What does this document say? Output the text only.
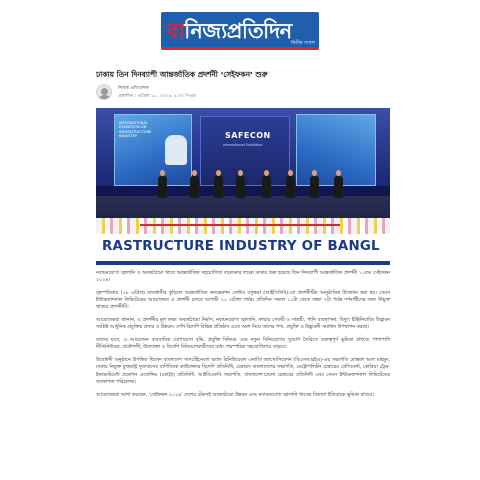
বানিজ্যপ্রতিদিন
দ্বিতীয় সংবাদ
ঢাকায় তিন দিনব্যাপী আন্তর্জাতিক প্রদর্শনী ‘সেইফকন’ শুরু
নিজস্ব প্রতিবেদক
প্রকাশিত : এপ্রিল ১৮, ২০২৪ ৫:৩০ পিএম
INTERNATIONAL EXHIBITION ON INFRASTRUCTURE INDUSTRY	SAFECON
International Exhibition
RASTRUCTURE INDUSTRY OF BANGL

নবায়নযোগ্য জ্বালানি ও অবকাঠামো খাতে আন্তর্জাতিক সহযোগিতা বাড়ানোর লক্ষ্যে ঢাকায় শুরু হয়েছে তিন দিনব্যাপী আন্তর্জাতিক প্রদর্শনী ১১তম সেইফকন ২০২৪।

বৃহস্পতিবার (১৮ এপ্রিল) রাজধানীর কুড়িলে আন্তর্জাতিক কনভেনশন সেন্টার বসুন্ধরা (আইসিসিবি)-তে প্রদর্শনীটির আনুষ্ঠানিক উদ্বোধন করা হয়। সেমস ইন্টারন্যাশনাল লিমিটেডের আয়োজনে এ প্রদর্শনী চলবে আগামী ২০ এপ্রিল পর্যন্ত। প্রতিদিন সকাল ১০টা থেকে সন্ধ্যা ৭টা পর্যন্ত দর্শনার্থীদের জন্য উন্মুক্ত থাকবে প্রদর্শনীটি।

আয়োজকরা জানান, এ প্রদর্শনীর মূল লক্ষ্য অবকাঠামো নির্মাণ, নবায়নযোগ্য জ্বালানি, ফায়ার সেফটি ও সাশ্রয়ী, পানি ব্যবস্থাপনা, বিদ্যুৎ ইঞ্জিনিয়ারিং উদ্ভাবন সংশ্লিষ্ট আধুনিক প্রযুক্তির প্রসার ও উন্নয়ন। দেশি-বিদেশি বিভিন্ন প্রতিষ্ঠান এতে অংশ নিয়ে তাদের পণ্য, প্রযুক্তি ও উদ্ভাবনী সমাধান উপস্থাপন করছে।

তাদের মতে, এ আয়োজন ব্যবসায়িক যোগাযোগ বৃদ্ধি, প্রযুক্তি বিনিময় এবং নতুন বিনিয়োগের সুযোগ তৈরিতে গুরুত্বপূর্ণ ভূমিকা রাখবে। পাশাপাশি নীতিনির্ধারক, প্রকৌশলী, উদ্যোক্তা ও বিদেশি বিনিয়োগকারীদের মধ্যে পারস্পরিক সহযোগিতাও বাড়বে।

উদ্বোধনী অনুষ্ঠানে উপস্থিত ছিলেন বাংলাদেশ সাসটেইনেবল অ্যান্ড রিনিউয়েবল এনার্জি অ্যাসোসিয়েশন (বিএসআরইএ)-এর সভাপতি মোস্তফা আল মাহমুদ, ঢাকায় নিযুক্ত যুক্তরাষ্ট্র দূতাবাসের বাণিজ্যিক কাউন্সেলর বিদেশি প্রতিনিধি, চেম্বারস বাংলাদেশের সভাপতি, মেট্রোপলিটন চেম্বারের প্রেসিডেন্ট, কোরিয়া ট্রেড-ইনভেস্টমেন্ট প্রমোশন এজেন্সির (কোট্রা) প্রতিনিধি, আইবিএফবি সভাপতি, বাংলাদেশ-চায়না চেম্বারের প্রতিনিধি এবং সেমস ইন্টারন্যাশনাল লিমিটেডের ব্যবস্থাপনা পরিচালক।

আয়োজকরা আশা করছেন, ‘সেইফকন ২০২৪’ দেশের টেকসই অবকাঠামো উন্নয়ন এবং নবায়নযোগ্য জ্বালানি খাতের বিকাশে ইতিবাচক ভূমিকা রাখবে।
